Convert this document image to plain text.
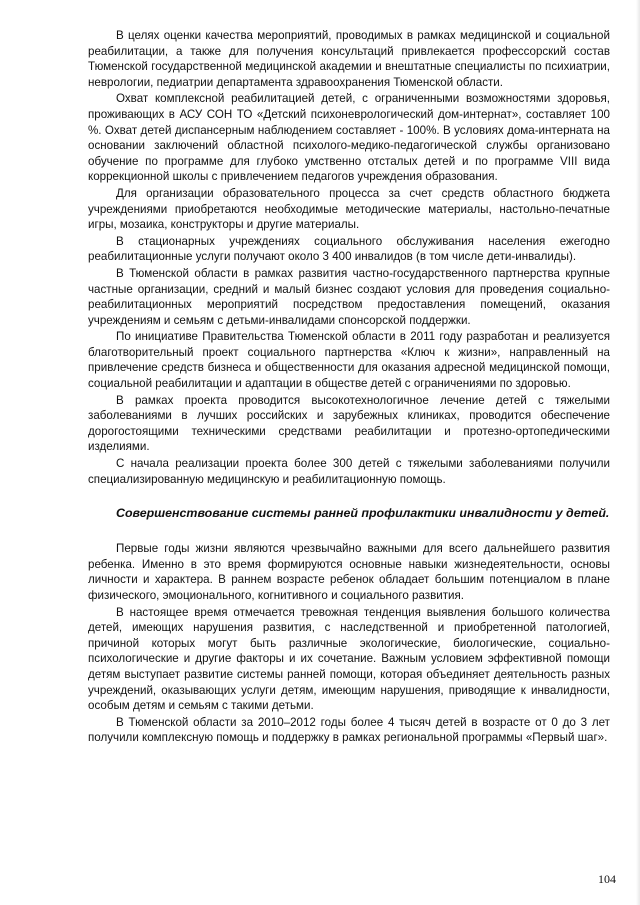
В целях оценки качества мероприятий, проводимых в рамках медицинской и социальной реабилитации, а также для получения консультаций привлекается профессорский состав Тюменской государственной медицинской академии и внештатные специалисты по психиатрии, неврологии, педиатрии департамента здравоохранения Тюменской области.

Охват комплексной реабилитацией детей, с ограниченными возможностями здоровья, проживающих в АСУ СОН ТО «Детский психоневрологический дом-интернат», составляет 100 %. Охват детей диспансерным наблюдением составляет - 100%. В условиях дома-интерната на основании заключений областной психолого-медико-педагогической службы организовано обучение по программе для глубоко умственно отсталых детей и по программе VIII вида коррекционной школы с привлечением педагогов учреждения образования.

Для организации образовательного процесса за счет средств областного бюджета учреждениями приобретаются необходимые методические материалы, настольно-печатные игры, мозаика, конструкторы и другие материалы.

В стационарных учреждениях социального обслуживания населения ежегодно реабилитационные услуги получают около 3 400 инвалидов (в том числе дети-инвалиды).

В Тюменской области в рамках развития частно-государственного партнерства крупные частные организации, средний и малый бизнес создают условия для проведения социально-реабилитационных мероприятий посредством предоставления помещений, оказания учреждениям и семьям с детьми-инвалидами спонсорской поддержки.

По инициативе Правительства Тюменской области в 2011 году разработан и реализуется благотворительный проект социального партнерства «Ключ к жизни», направленный на привлечение средств бизнеса и общественности для оказания адресной медицинской помощи, социальной реабилитации и адаптации в обществе детей с ограничениями по здоровью.

В рамках проекта проводится высокотехнологичное лечение детей с тяжелыми заболеваниями в лучших российских и зарубежных клиниках, проводится обеспечение дорогостоящими техническими средствами реабилитации и протезно-ортопедическими изделиями.

С начала реализации проекта более 300 детей с тяжелыми заболеваниями получили специализированную медицинскую и реабилитационную помощь.

Совершенствование системы ранней профилактики инвалидности у детей.

Первые годы жизни являются чрезвычайно важными для всего дальнейшего развития ребенка. Именно в это время формируются основные навыки жизнедеятельности, основы личности и характера. В раннем возрасте ребенок обладает большим потенциалом в плане физического, эмоционального, когнитивного и социального развития.

В настоящее время отмечается тревожная тенденция выявления большого количества детей, имеющих нарушения развития, с наследственной и приобретенной патологией, причиной которых могут быть различные экологические, биологические, социально-психологические и другие факторы и их сочетание. Важным условием эффективной помощи детям выступает развитие системы ранней помощи, которая объединяет деятельность разных учреждений, оказывающих услуги детям, имеющим нарушения, приводящие к инвалидности, особым детям и семьям с такими детьми.

В Тюменской области за 2010–2012 годы более 4 тысяч детей в возрасте от 0 до 3 лет получили комплексную помощь и поддержку в рамках региональной программы «Первый шаг».

104
